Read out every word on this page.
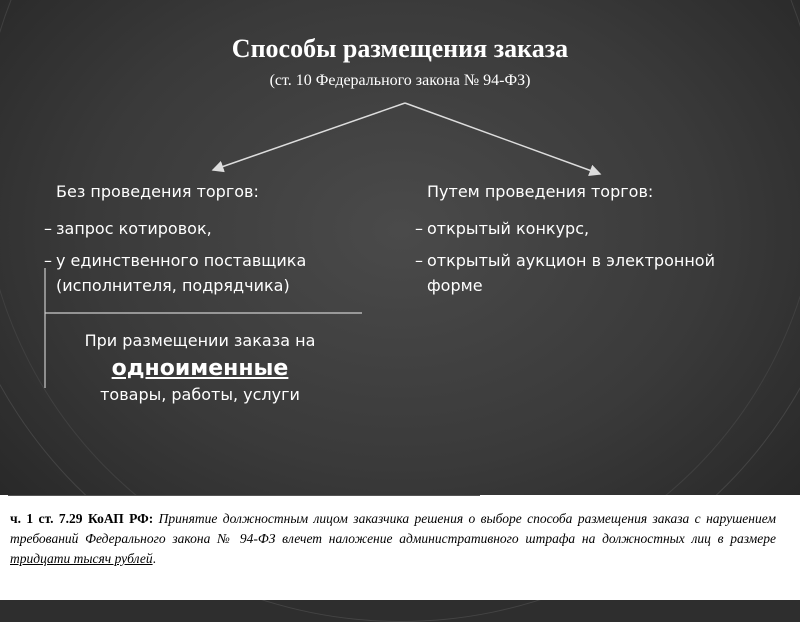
Способы размещения заказа
(ст. 10 Федерального закона № 94-ФЗ)
Без проведения торгов:
– запрос котировок,
– у единственного поставщика
(исполнителя, подрядчика)
Путем проведения торгов:
– открытый конкурс,
– открытый аукцион в электронной
форме
При размещении заказа на
одноименные
товары, работы, услуги
ч. 1 ст. 7.29 КоАП РФ: Принятие должностным лицом заказчика решения о выборе способа размещения заказа с нарушением требований Федерального закона № 94-ФЗ влечет наложение административного штрафа на должностных лиц в размере тридцати тысяч рублей.
